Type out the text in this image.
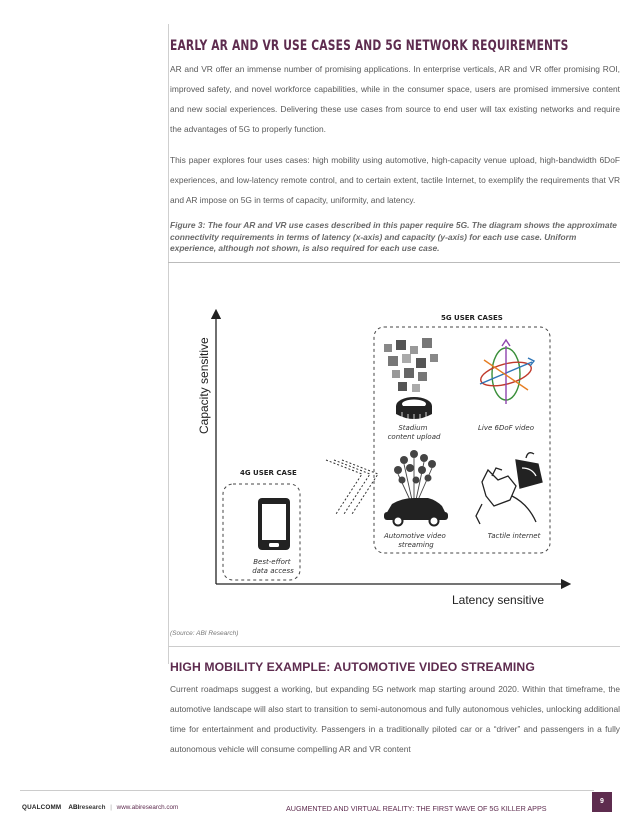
EARLY AR AND VR USE CASES AND 5G NETWORK REQUIREMENTS

AR and VR offer an immense number of promising applications. In enterprise verticals, AR and VR offer promising ROI, improved safety, and novel workforce capabilities, while in the consumer space, users are promised immersive content and new social experiences. Delivering these use cases from source to end user will tax existing networks and require the advantages of 5G to properly function.

This paper explores four uses cases: high mobility using automotive, high-capacity venue upload, high-bandwidth 6DoF experiences, and low-latency remote control, and to certain extent, tactile Internet, to exemplify the requirements that VR and AR impose on 5G in terms of capacity, uniformity, and latency.

Figure 3: The four AR and VR use cases described in this paper require 5G. The diagram shows the approximate connectivity requirements in terms of latency (x-axis) and capacity (y-axis) for each use case. Uniform experience, although not shown, is also required for each use case.

Capacity sensitive
Latency sensitive
4G USER CASE
Best-effort data access
5G USER CASES
Stadium content upload
Live 6DoF video
Automotive video streaming
Tactile internet

(Source: ABI Research)

HIGH MOBILITY EXAMPLE: AUTOMOTIVE VIDEO STREAMING

Current roadmaps suggest a working, but expanding 5G network map starting around 2020. Within that timeframe, the automotive landscape will also start to transition to semi-autonomous and fully autonomous vehicles, unlocking additional time for entertainment and productivity. Passengers in a traditionally piloted car or a “driver” and passengers in a fully autonomous vehicle will consume compelling AR and VR content

QUALCOMM ABIresearch | www.abiresearch.com	AUGMENTED AND VIRTUAL REALITY: THE FIRST WAVE OF 5G KILLER APPS
9
